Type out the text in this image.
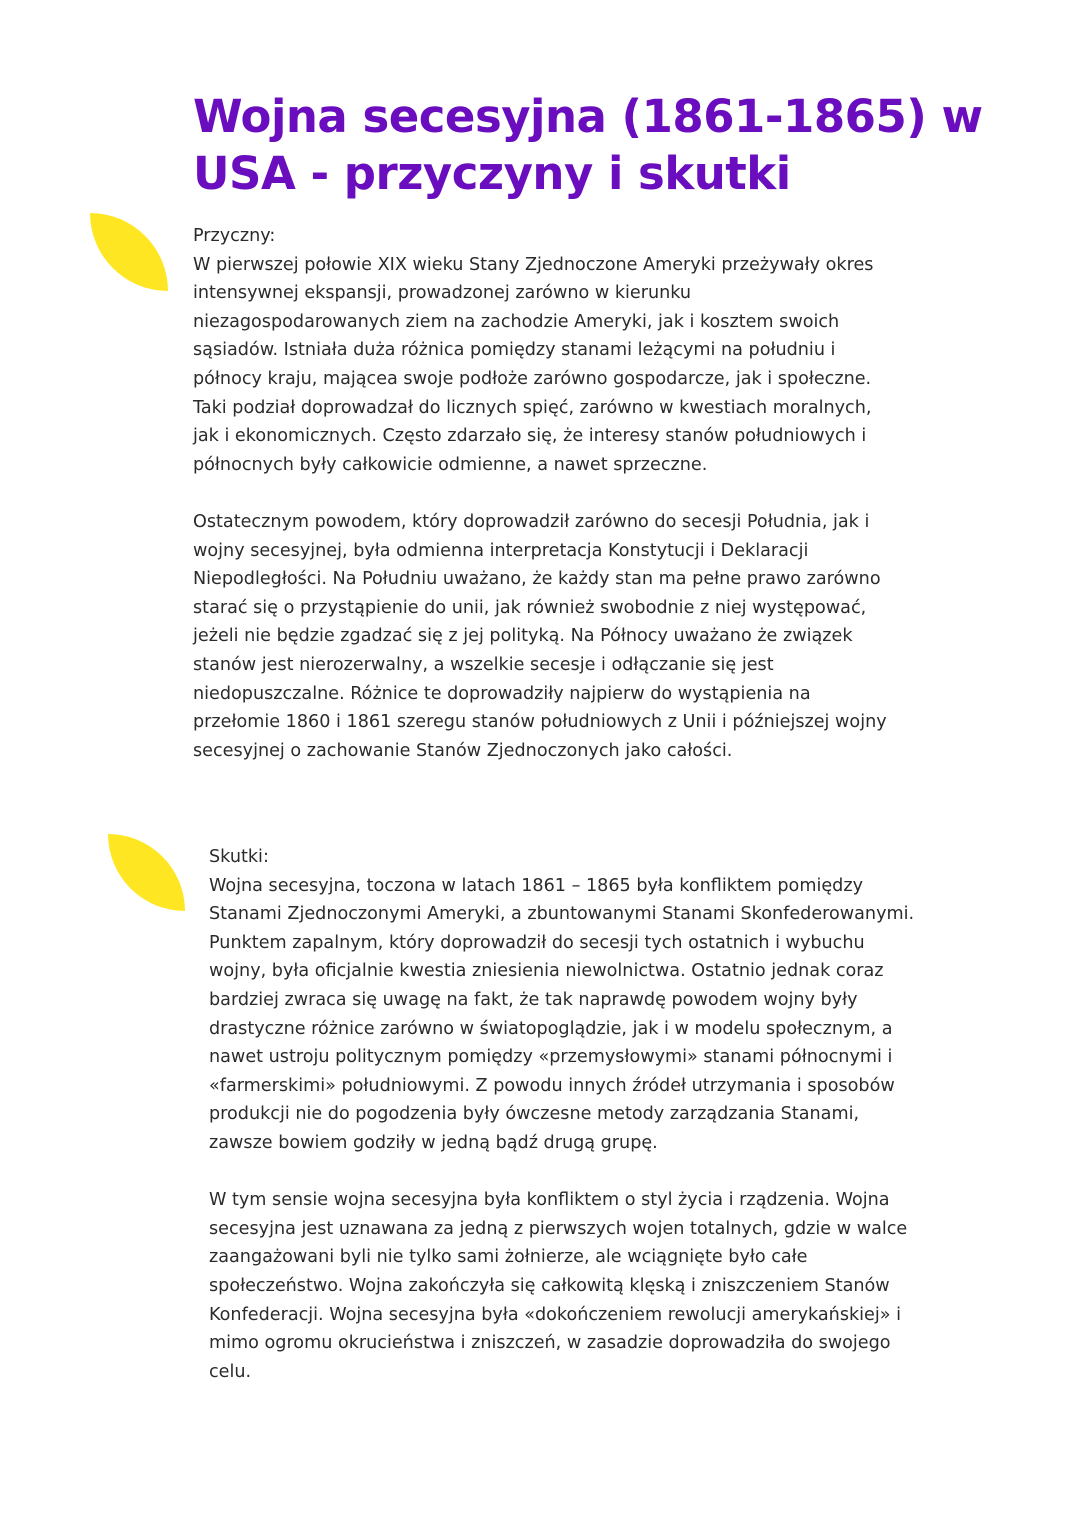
Wojna secesyjna (1861-1865) w
USA - przyczyny i skutki
Przyczny:
W pierwszej połowie XIX wieku Stany Zjednoczone Ameryki przeżywały okres
intensywnej ekspansji, prowadzonej zarówno w kierunku
niezagospodarowanych ziem na zachodzie Ameryki, jak i kosztem swoich
sąsiadów. Istniała duża różnica pomiędzy stanami leżącymi na południu i
północy kraju, mającea swoje podłoże zarówno gospodarcze, jak i społeczne.
Taki podział doprowadzał do licznych spięć, zarówno w kwestiach moralnych,
jak i ekonomicznych. Często zdarzało się, że interesy stanów południowych i
północnych były całkowicie odmienne, a nawet sprzeczne.
Ostatecznym powodem, który doprowadził zarówno do secesji Południa, jak i
wojny secesyjnej, była odmienna interpretacja Konstytucji i Deklaracji
Niepodległości. Na Południu uważano, że każdy stan ma pełne prawo zarówno
starać się o przystąpienie do unii, jak również swobodnie z niej występować,
jeżeli nie będzie zgadzać się z jej polityką. Na Północy uważano że związek
stanów jest nierozerwalny, a wszelkie secesje i odłączanie się jest
niedopuszczalne. Różnice te doprowadziły najpierw do wystąpienia na
przełomie 1860 i 1861 szeregu stanów południowych z Unii i późniejszej wojny
secesyjnej o zachowanie Stanów Zjednoczonych jako całości.
Skutki:
Wojna secesyjna, toczona w latach 1861 – 1865 była konfliktem pomiędzy
Stanami Zjednoczonymi Ameryki, a zbuntowanymi Stanami Skonfederowanymi.
Punktem zapalnym, który doprowadził do secesji tych ostatnich i wybuchu
wojny, była oficjalnie kwestia zniesienia niewolnictwa. Ostatnio jednak coraz
bardziej zwraca się uwagę na fakt, że tak naprawdę powodem wojny były
drastyczne różnice zarówno w światopoglądzie, jak i w modelu społecznym, a
nawet ustroju politycznym pomiędzy «przemysłowymi» stanami północnymi i
«farmerskimi» południowymi. Z powodu innych źródeł utrzymania i sposobów
produkcji nie do pogodzenia były ówczesne metody zarządzania Stanami,
zawsze bowiem godziły w jedną bądź drugą grupę.
W tym sensie wojna secesyjna była konfliktem o styl życia i rządzenia. Wojna
secesyjna jest uznawana za jedną z pierwszych wojen totalnych, gdzie w walce
zaangażowani byli nie tylko sami żołnierze, ale wciągnięte było całe
społeczeństwo. Wojna zakończyła się całkowitą klęską i zniszczeniem Stanów
Konfederacji. Wojna secesyjna była «dokończeniem rewolucji amerykańskiej» i
mimo ogromu okrucieństwa i zniszczeń, w zasadzie doprowadziła do swojego
celu.
